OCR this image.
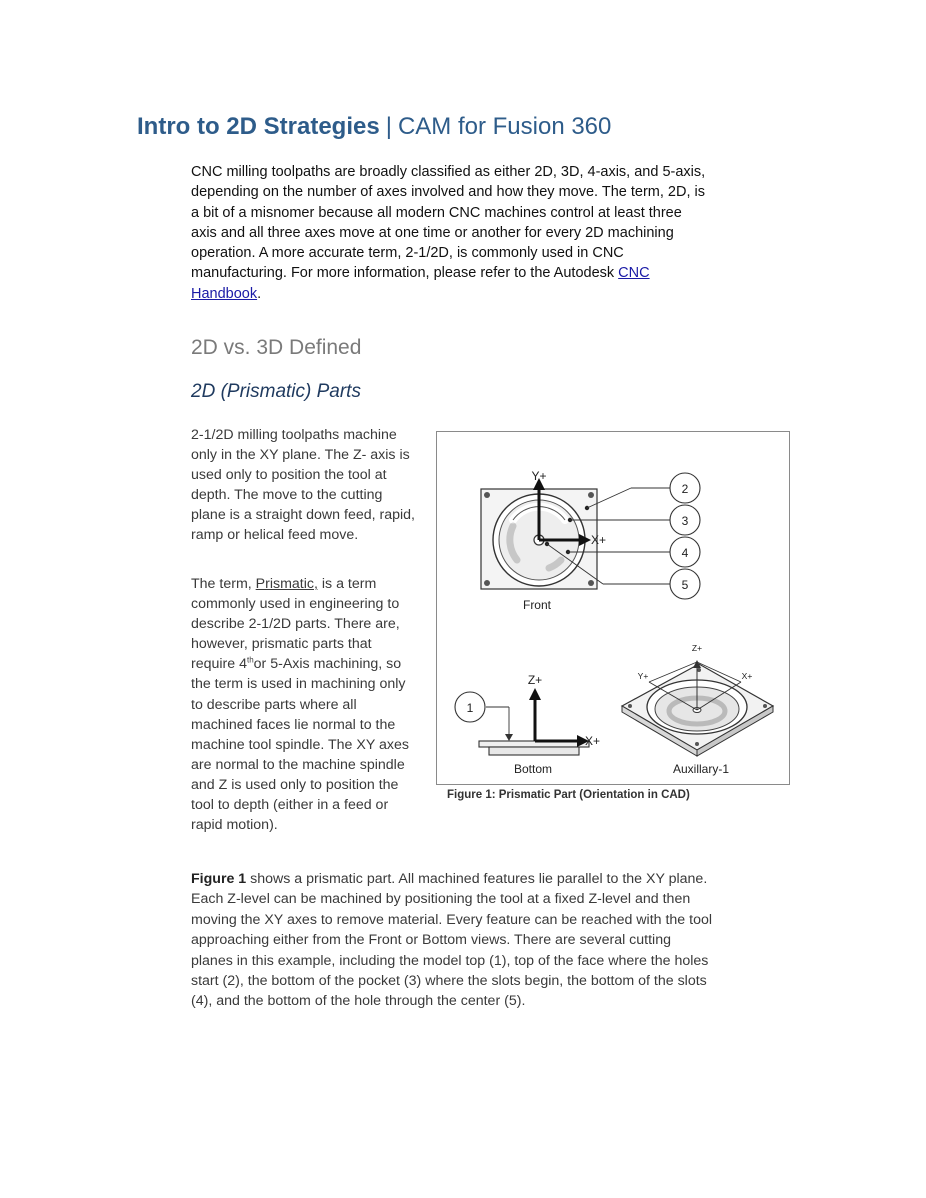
Intro to 2D Strategies | CAM for Fusion 360
CNC milling toolpaths are broadly classified as either 2D, 3D, 4-axis, and 5-axis, depending on the number of axes involved and how they move. The term, 2D, is a bit of a misnomer because all modern CNC machines control at least three axis and all three axes move at one time or another for every 2D machining operation. A more accurate term, 2-1/2D, is commonly used in CNC manufacturing. For more information, please refer to the Autodesk CNC Handbook.
2D vs. 3D Defined
2D (Prismatic) Parts
2-1/2D milling toolpaths machine only in the XY plane. The Z- axis is used only to position the tool at depth. The move to the cutting plane is a straight down feed, rapid, ramp or helical feed move.
The term, Prismatic, is a term commonly used in engineering to describe 2-1/2D parts. There are, however, prismatic parts that require 4thor 5-Axis machining, so the term is used in machining only to describe parts where all machined faces lie normal to the machine tool spindle. The XY axes are normal to the machine spindle and Z is used only to position the tool to depth (either in a feed or rapid motion).
2
3
4
5
1
Y+
X+
Front
Z+
X+
Bottom
Z+
Y+	X+
Auxillary-1
Figure 1: Prismatic Part (Orientation in CAD)
Figure 1 shows a prismatic part. All machined features lie parallel to the XY plane. Each Z-level can be machined by positioning the tool at a fixed Z-level and then moving the XY axes to remove material. Every feature can be reached with the tool approaching either from the Front or Bottom views. There are several cutting planes in this example, including the model top (1), top of the face where the holes start (2), the bottom of the pocket (3) where the slots begin, the bottom of the slots (4), and the bottom of the hole through the center (5).
